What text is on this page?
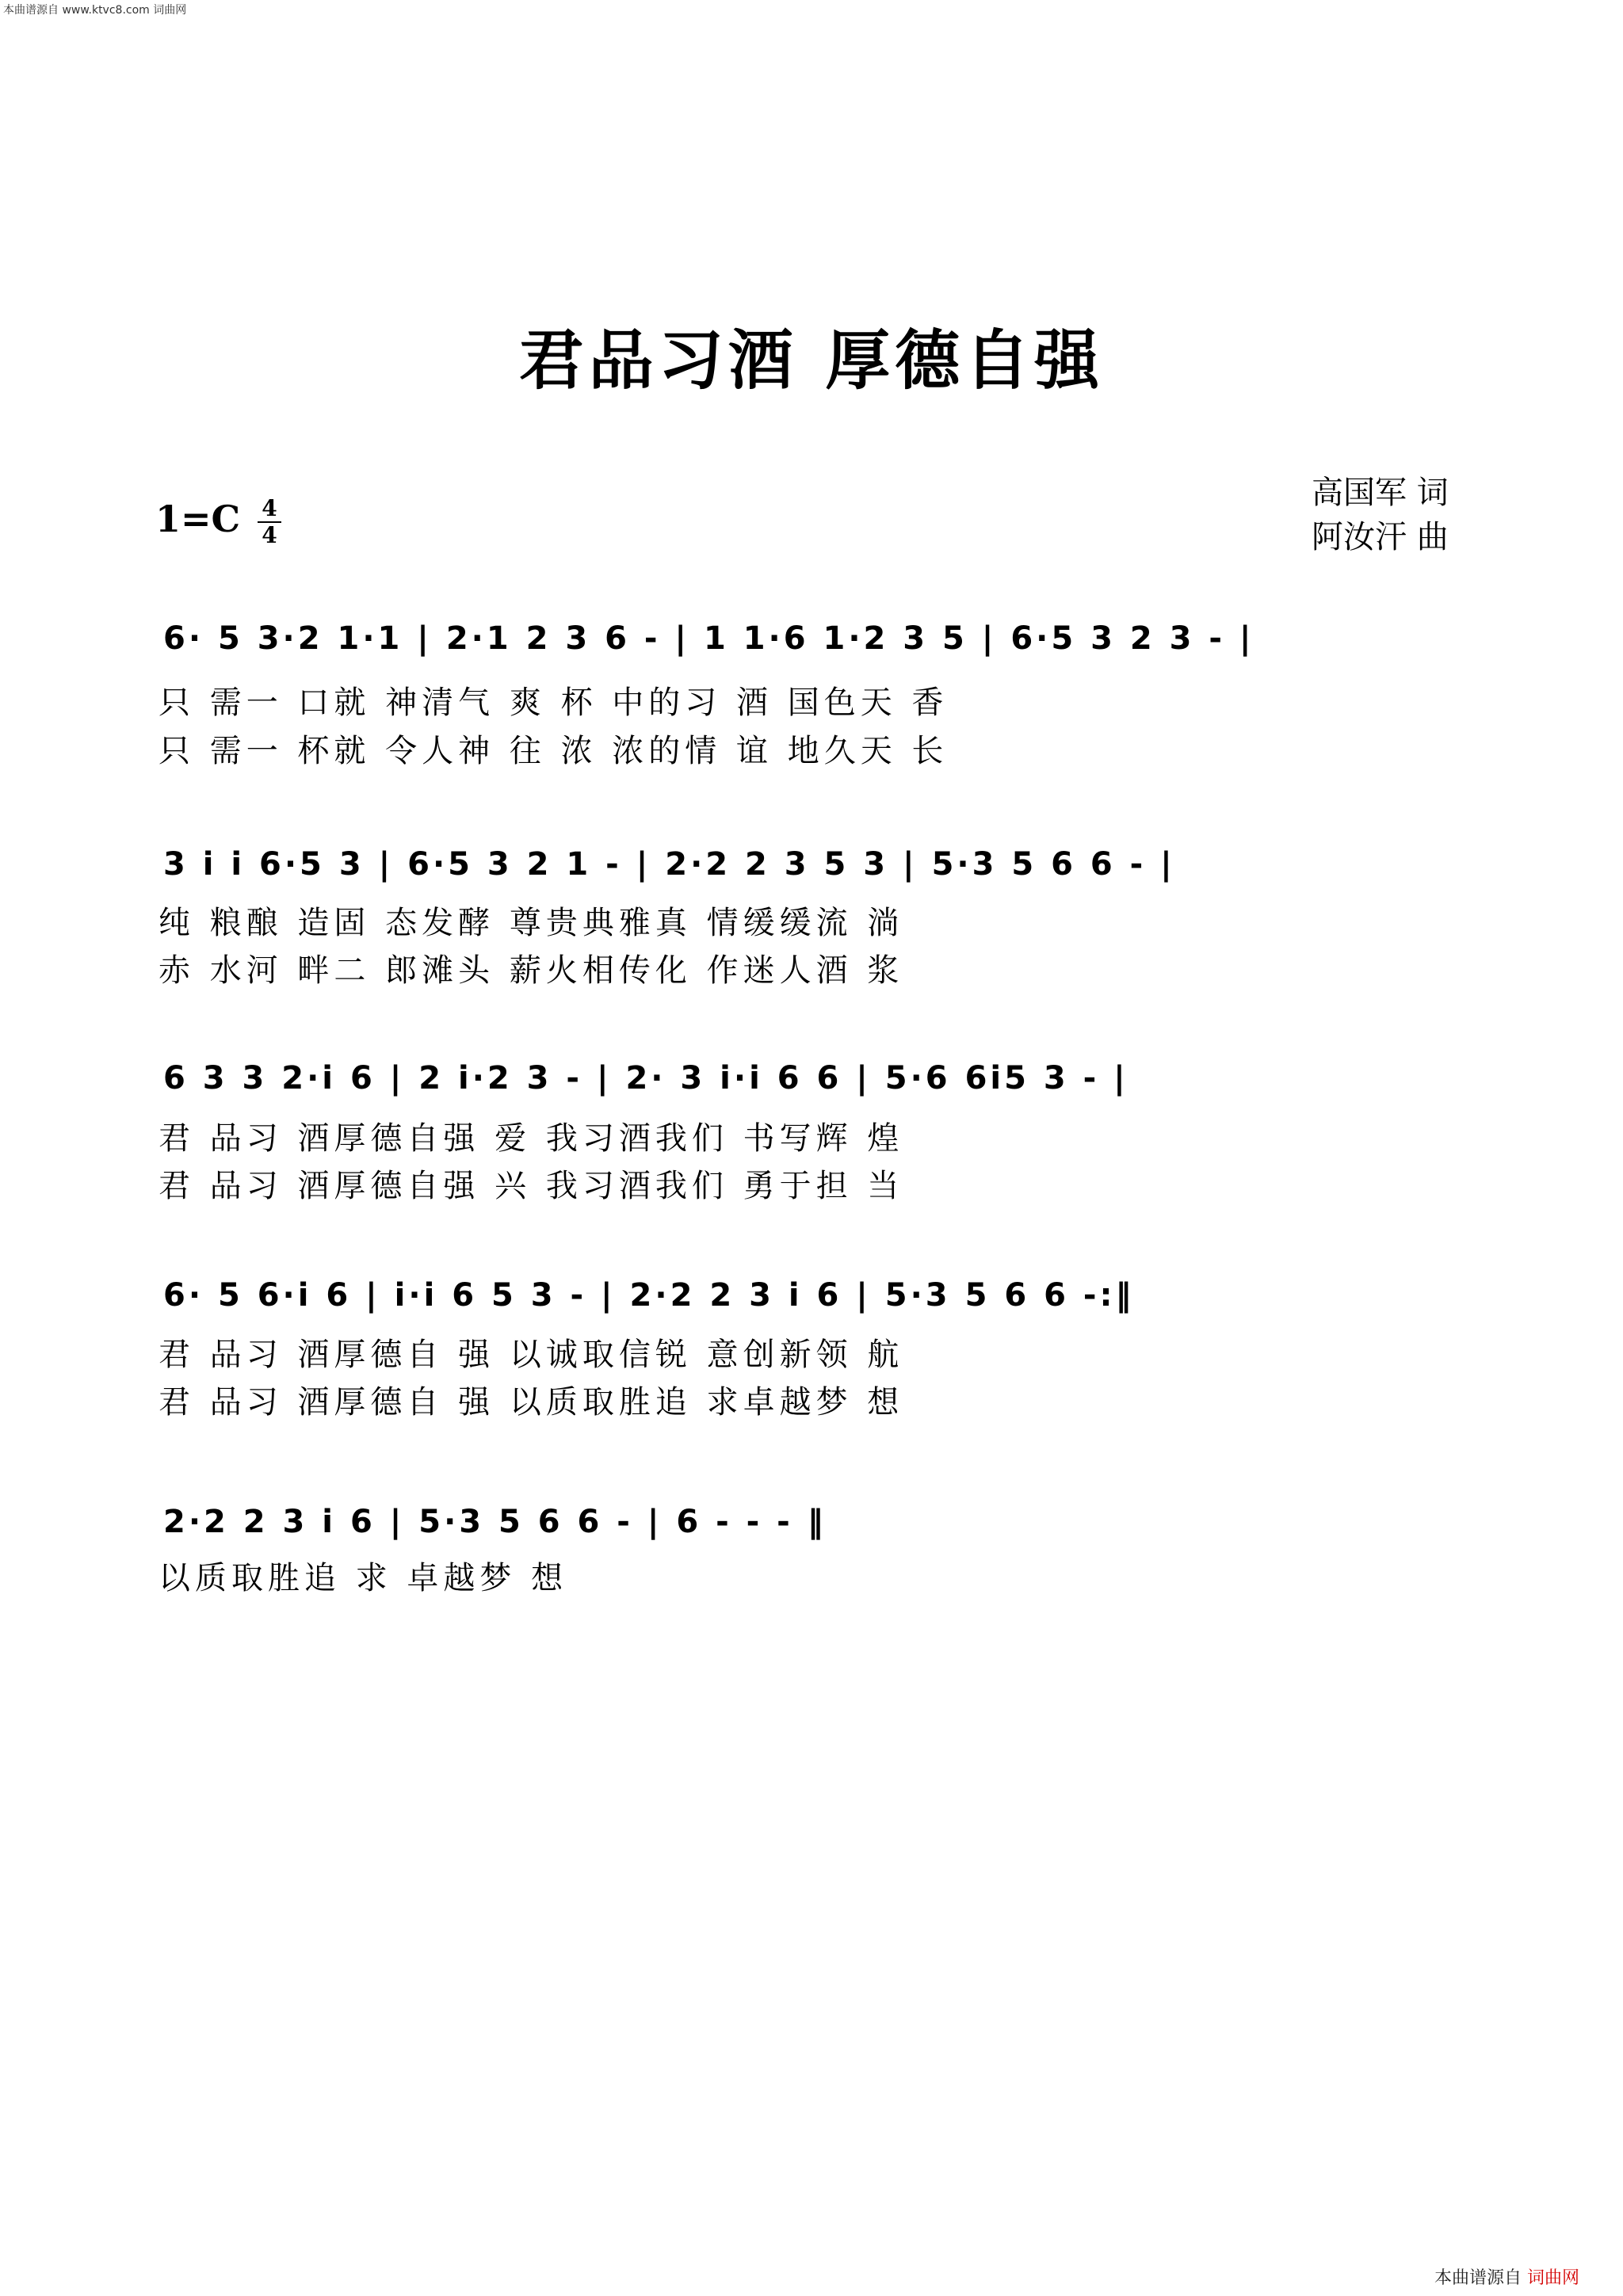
本曲谱源自 www.ktvc8.com 词曲网
君品习酒 厚德自强
1=C 4
4
高国军 词
阿汝汗 曲
6· 5 3·2 1·1 | 2·1 2 3 6 - | 1 1·6 1·2 3 5 | 6·5 3 2 3 - |
只 需一 口就 神清气 爽 杯 中的习 酒 国色天 香
只 需一 杯就 令人神 往 浓 浓的情 谊 地久天 长
3 i i 6·5 3 | 6·5 3 2 1 - | 2·2 2 3 5 3 | 5·3 5 6 6 - |
纯 粮酿 造固 态发酵 尊贵典雅真 情缓缓流 淌
赤 水河 畔二 郎滩头 薪火相传化 作迷人酒 浆
6 3 3 2·i 6 | 2 i·2 3 - | 2· 3 i·i 6 6 | 5·6 6i5 3 - |
君 品习 酒厚德自强 爱 我习酒我们 书写辉 煌
君 品习 酒厚德自强 兴 我习酒我们 勇于担 当
6· 5 6·i 6 | i·i 6 5 3 - | 2·2 2 3 i 6 | 5·3 5 6 6 -:‖
君 品习 酒厚德自 强 以诚取信锐 意创新领 航
君 品习 酒厚德自 强 以质取胜追 求卓越梦 想
2·2 2 3 i 6 | 5·3 5 6 6 - | 6 - - - ‖
以质取胜追 求 卓越梦 想
本曲谱源自 词曲网
